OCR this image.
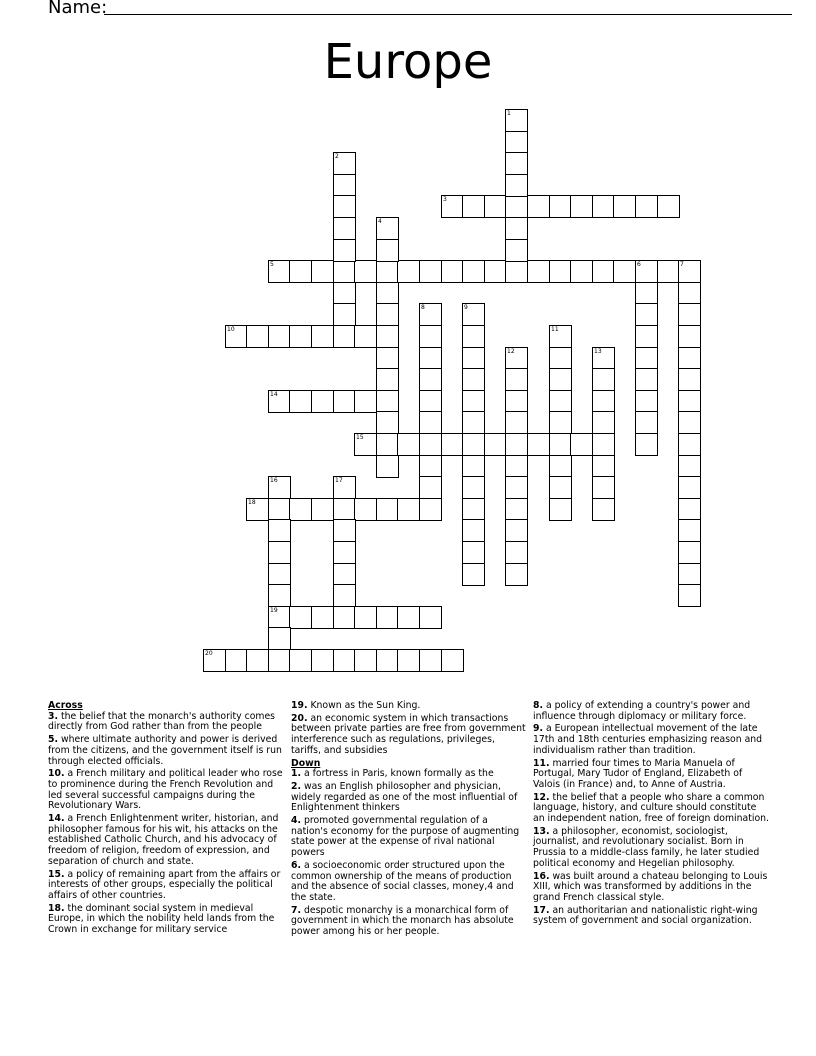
Name:
Europe
3
5	6
10
14
15
18
19
20
1
2
4
7
8	9
11
12	13
16	17
Across
3. the belief that the monarch's authority comes directly from God rather than from the people
5. where ultimate authority and power is derived from the citizens, and the government itself is run through elected officials.
10. a French military and political leader who rose to prominence during the French Revolution and led several successful campaigns during the Revolutionary Wars.
14. a French Enlightenment writer, historian, and philosopher famous for his wit, his attacks on the established Catholic Church, and his advocacy of freedom of religion, freedom of expression, and separation of church and state.
15. a policy of remaining apart from the affairs or interests of other groups, especially the political affairs of other countries.
18. the dominant social system in medieval Europe, in which the nobility held lands from the Crown in exchange for military service
19. Known as the Sun King.
20. an economic system in which transactions between private parties are free from government interference such as regulations, privileges, tariffs, and subsidies
Down
1. a fortress in Paris, known formally as the
2. was an English philosopher and physician, widely regarded as one of the most influential of Enlightenment thinkers
4. promoted governmental regulation of a nation's economy for the purpose of augmenting state power at the expense of rival national powers
6. a socioeconomic order structured upon the common ownership of the means of production and the absence of social classes, money,4 and the state.
7. despotic monarchy is a monarchical form of government in which the monarch has absolute power among his or her people.
8. a policy of extending a country's power and influence through diplomacy or military force.
9. a European intellectual movement of the late 17th and 18th centuries emphasizing reason and individualism rather than tradition.
11. married four times to Maria Manuela of Portugal, Mary Tudor of England, Elizabeth of Valois (in France) and, to Anne of Austria.
12. the belief that a people who share a common language, history, and culture should constitute an independent nation, free of foreign domination.
13. a philosopher, economist, sociologist, journalist, and revolutionary socialist. Born in Prussia to a middle-class family, he later studied political economy and Hegelian philosophy.
16. was built around a chateau belonging to Louis XIII, which was transformed by additions in the grand French classical style.
17. an authoritarian and nationalistic right-wing system of government and social organization.
